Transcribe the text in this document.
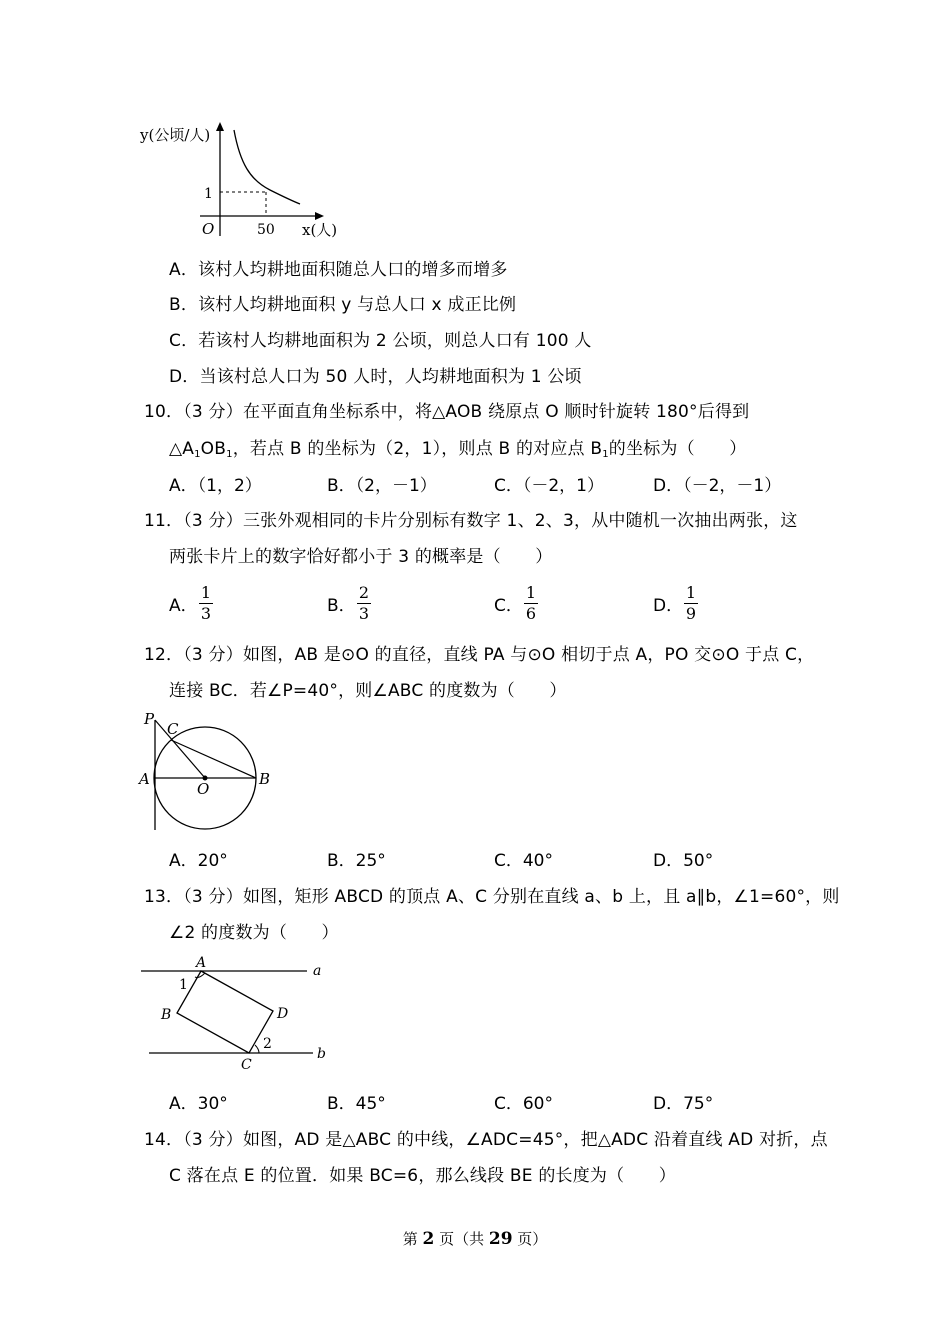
y(公顷/人)
1
O	50 x(人)
A．该村人均耕地面积随总人口的增多而增多
B．该村人均耕地面积 y 与总人口 x 成正比例
C．若该村人均耕地面积为 2 公顷，则总人口有 100 人
D．当该村总人口为 50 人时，人均耕地面积为 1 公顷
10．（3 分）在平面直角坐标系中，将△AOB 绕原点 O 顺时针旋转 180°后得到
$\triangle A_1OB_1$，若点 B 的坐标为（2，1），则点 B 的对应点 $B_1$的坐标为（　　）
A．（1，2）	B．（2，－1）	C．（－2，1）	D．（－2，－1）
11．（3 分）三张外观相同的卡片分别标有数字 1、2、3，从中随机一次抽出两张，这
两张卡片上的数字恰好都小于 3 的概率是（　　）
A．
1
3	B．
2
3	C．
1
6	D．
1
9
12．（3 分）如图，AB 是⊙O 的直径，直线 PA 与⊙O 相切于点 A，PO 交⊙O 于点 C，
连接 BC．若∠P=40°，则∠ABC 的度数为（　　）
P
C
A
O
B
A．20°	B．25°	C．40°	D．50°
13．（3 分）如图，矩形 ABCD 的顶点 A、C 分别在直线 a、b 上，且 a∥b，∠1=60°，则
∠2 的度数为（　　）
A
1
B	D
2
C
a
b
A．30°	B．45°	C．60°	D．75°
14．（3 分）如图，AD 是△ABC 的中线，∠ADC=45°，把△ADC 沿着直线 AD 对折，点
C 落在点 E 的位置．如果 BC=6，那么线段 BE 的长度为（　　）
第 2 页（共 29 页）
